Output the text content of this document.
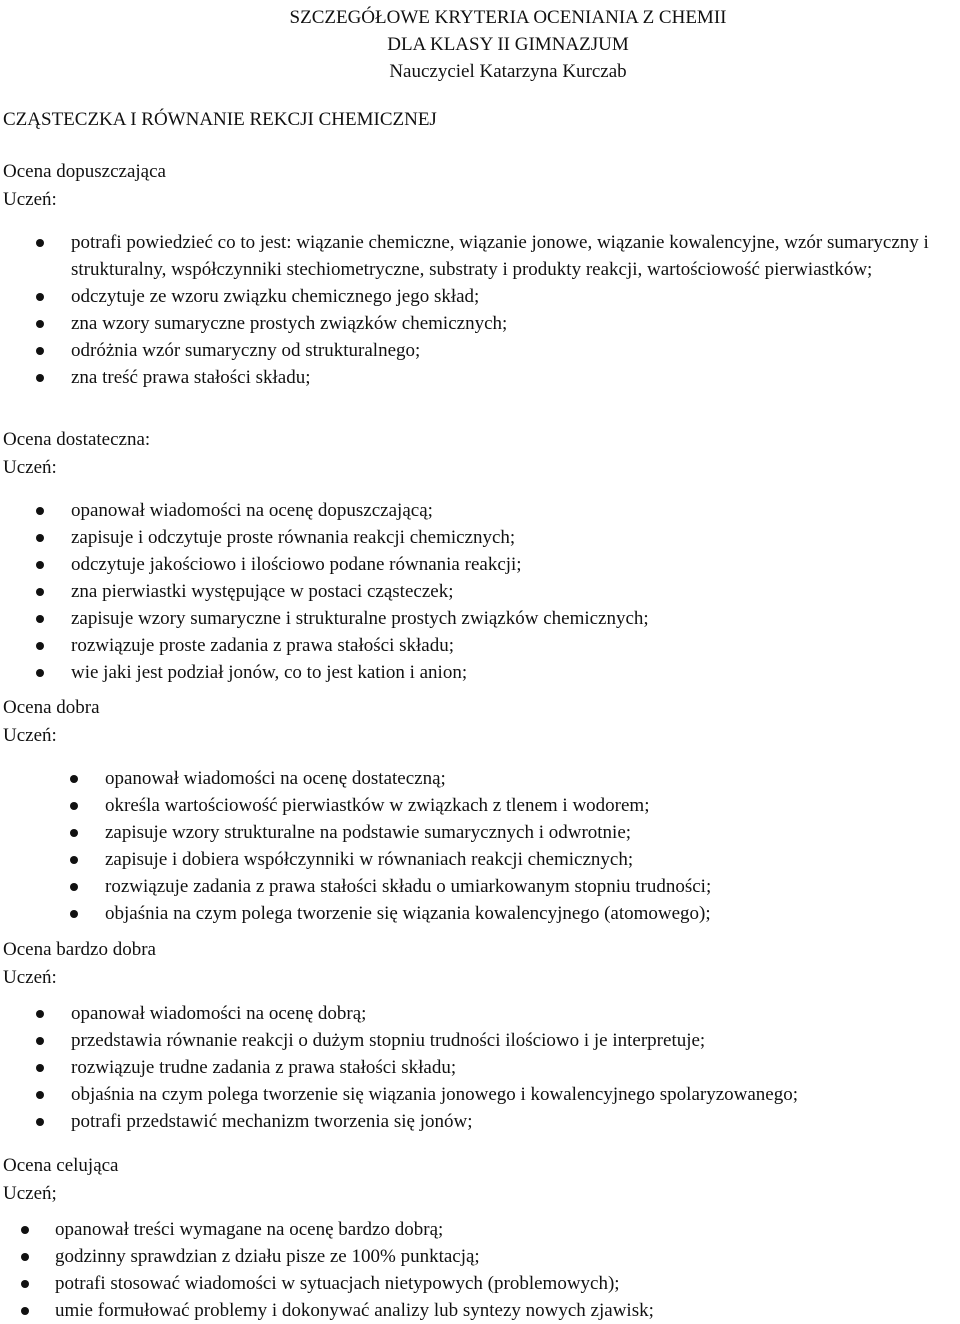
SZCZEGÓŁOWE KRYTERIA OCENIANIA Z CHEMII
DLA KLASY II GIMNAZJUM
Nauczyciel Katarzyna Kurczab
CZĄSTECZKA I RÓWNANIE REKCJI CHEMICZNEJ
Ocena dopuszczająca
Uczeń:
potrafi powiedzieć co to jest: wiązanie chemiczne, wiązanie jonowe, wiązanie kowalencyjne, wzór sumaryczny i strukturalny, współczynniki stechiometryczne, substraty i produkty reakcji, wartościowość pierwiastków;
odczytuje ze wzoru związku chemicznego jego skład;
zna wzory sumaryczne prostych związków chemicznych;
odróżnia wzór sumaryczny od strukturalnego;
zna treść prawa stałości składu;
Ocena dostateczna:
Uczeń:
opanował wiadomości na ocenę dopuszczającą;
zapisuje i odczytuje proste równania reakcji chemicznych;
odczytuje jakościowo i ilościowo podane równania reakcji;
zna pierwiastki występujące w postaci cząsteczek;
zapisuje wzory sumaryczne i strukturalne prostych związków chemicznych;
rozwiązuje proste zadania z prawa stałości składu;
wie jaki jest podział jonów, co to jest kation i anion;
Ocena dobra
Uczeń:
opanował wiadomości na ocenę dostateczną;
określa wartościowość pierwiastków w związkach z tlenem i wodorem;
zapisuje wzory strukturalne na podstawie sumarycznych i odwrotnie;
zapisuje i dobiera współczynniki w równaniach reakcji chemicznych;
rozwiązuje zadania z prawa stałości składu o umiarkowanym stopniu trudności;
objaśnia na czym polega tworzenie się wiązania kowalencyjnego (atomowego);
Ocena bardzo dobra
Uczeń:
opanował wiadomości na ocenę dobrą;
przedstawia równanie reakcji o dużym stopniu trudności ilościowo i je interpretuje;
rozwiązuje trudne zadania z prawa stałości składu;
objaśnia na czym polega tworzenie się wiązania jonowego i kowalencyjnego spolaryzowanego;
potrafi przedstawić mechanizm tworzenia się jonów;
Ocena celująca
Uczeń;
opanował treści wymagane na ocenę bardzo dobrą;
godzinny sprawdzian z działu pisze ze 100% punktacją;
potrafi stosować wiadomości w sytuacjach nietypowych (problemowych);
umie formułować problemy i dokonywać analizy lub syntezy nowych zjawisk;
